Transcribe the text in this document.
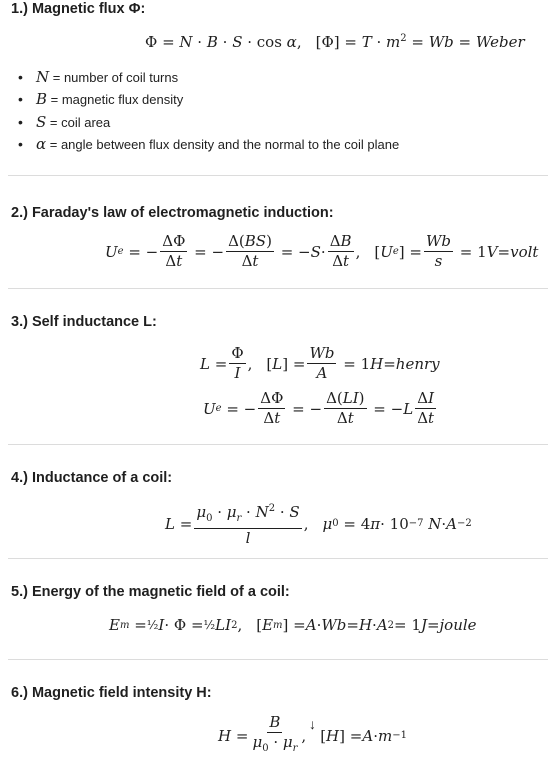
1.) Magnetic flux Φ:
Φ = N · B · S · cos α, $[\Phi] = T \cdot m^2 = Wb$ = Weber
• N = number of coil turns
• B = magnetic flux density
• S = coil area
• α = angle between flux density and the normal to the coil plane
2.) Faraday's law of electromagnetic induction:
U e = − $\frac{\Delta\Phi}{\Delta t}$ = − $\frac{\Delta(BS)}{\Delta t}$ = − $S \cdot \frac{\Delta B}{\Delta t}$ ,
[ U e ] = $\frac{Wb}{s} = 1$ V = volt
3.) Self inductance L:
$L = \frac{\Phi}{I}$ ,
[ L ] = $\frac{Wb}{A} = 1$ H = henry
U e = − $\frac{\Delta\Phi}{\Delta t}$ = − $\frac{\Delta(LI)}{\Delta t}$ = − L $\frac{\Delta I}{\Delta t}$
4.) Inductance of a coil:
$L = \frac{\mu_0 \cdot \mu_r \cdot N^2 \cdot S}{l}$ , μ 0 = 4 π · 10 −7
N · A −2
5.) Energy of the magnetic field of a coil:
E m = ½ I · Φ = ½ LI 2 ,
[ E m ] = A · Wb = H · A 2 = 1 J = joule
6.) Magnetic field intensity H:
$H = \frac{B}{\mu_0 \cdot \mu_r}$ ,
[ H ] = A · m −1
↓
